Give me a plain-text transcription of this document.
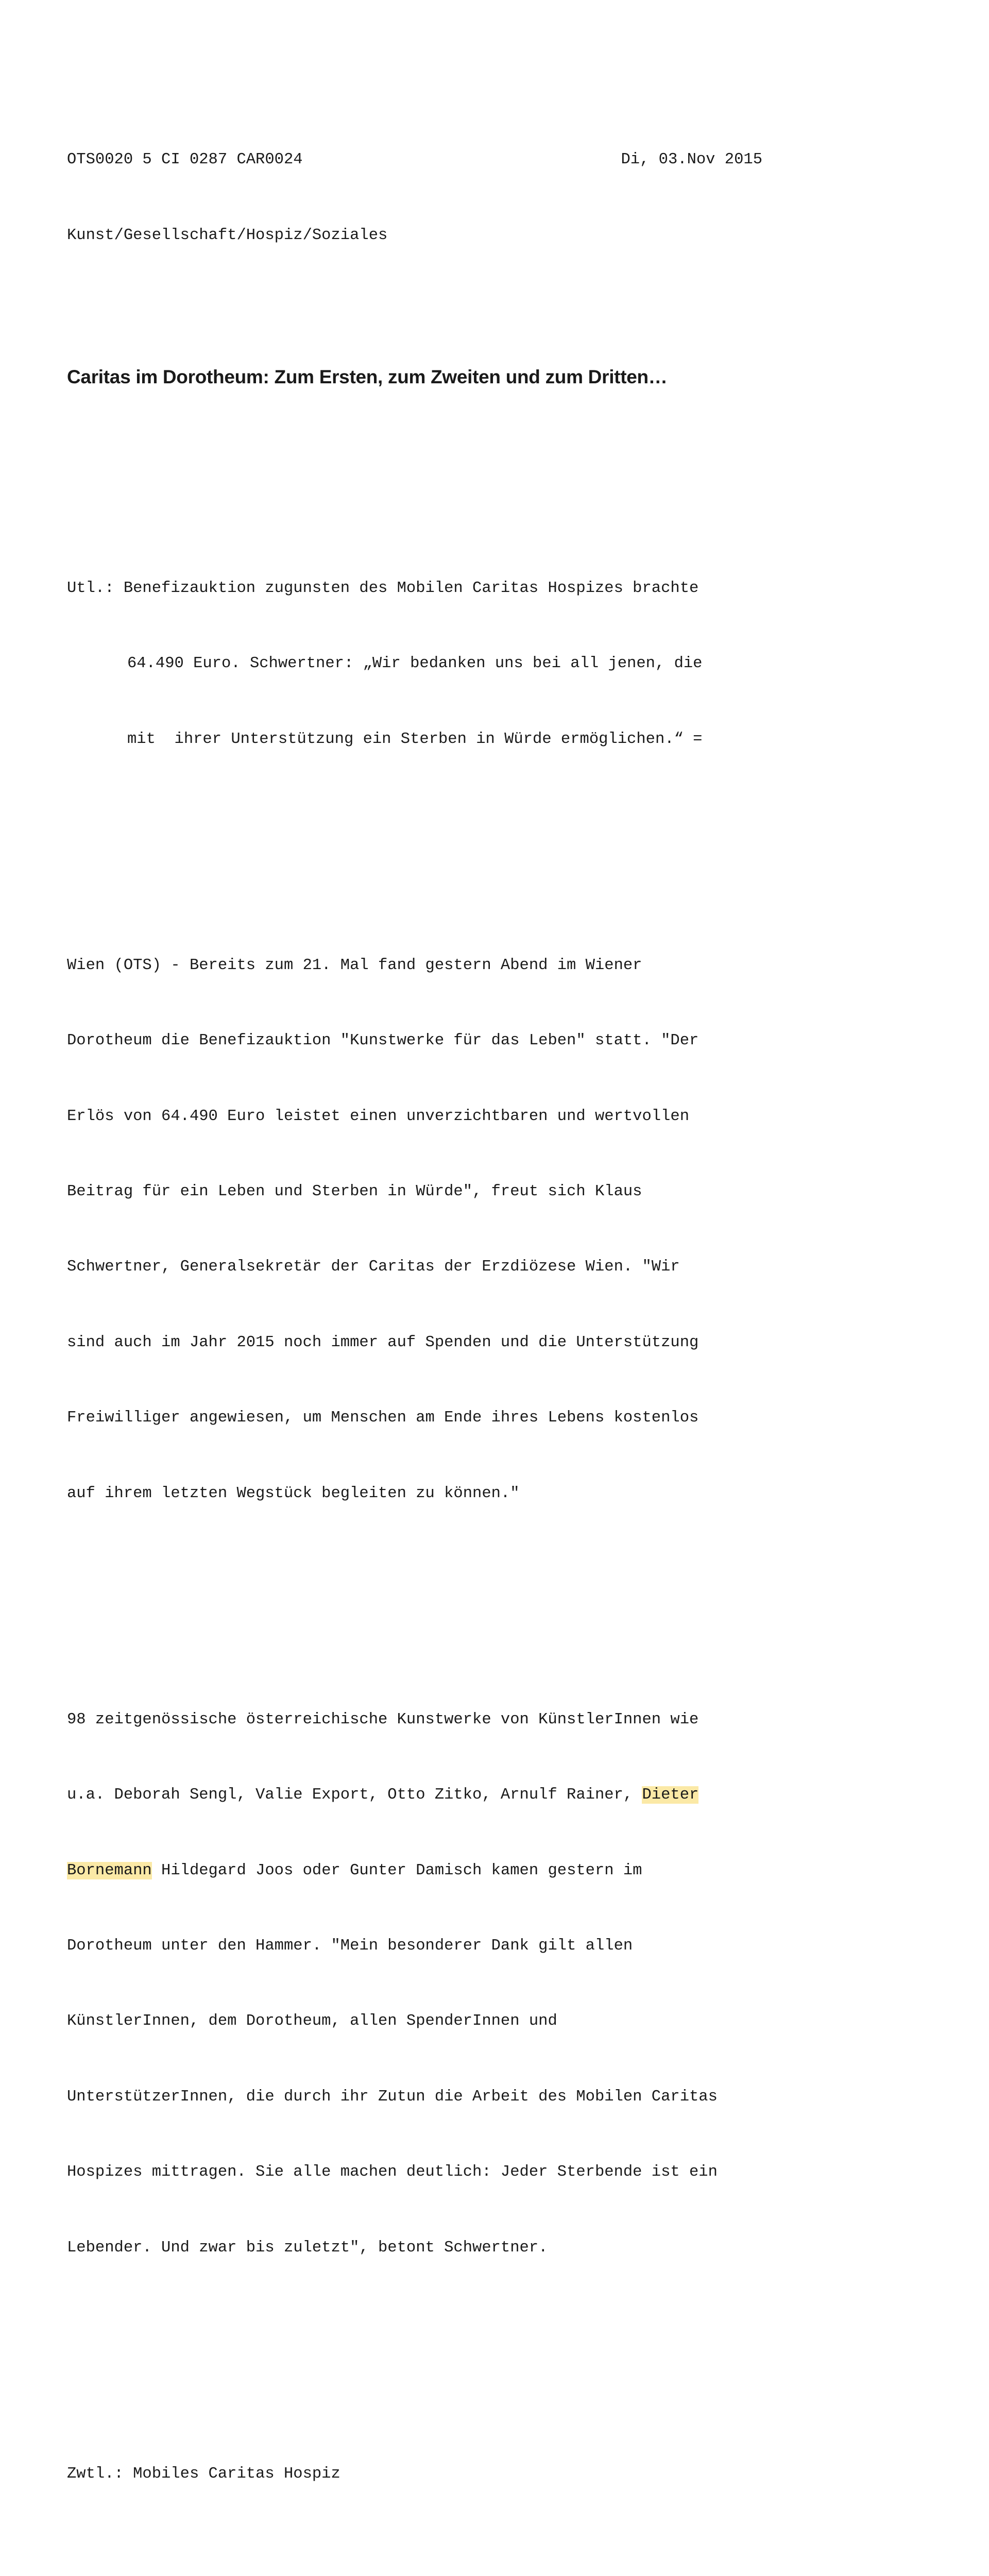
OTS0020 5 CI 0287 CAR0024	Di, 03.Nov 2015

Kunst/Gesellschaft/Hospiz/Soziales

Caritas im Dorotheum: Zum Ersten, zum Zweiten und zum Dritten…

Utl.: Benefizauktion zugunsten des Mobilen Caritas Hospizes brachte

64.490 Euro. Schwertner: „Wir bedanken uns bei all jenen, die

mit  ihrer Unterstützung ein Sterben in Würde ermöglichen.“ =

Wien (OTS) - Bereits zum 21. Mal fand gestern Abend im Wiener

Dorotheum die Benefizauktion "Kunstwerke für das Leben" statt. "Der

Erlös von 64.490 Euro leistet einen unverzichtbaren und wertvollen

Beitrag für ein Leben und Sterben in Würde", freut sich Klaus

Schwertner, Generalsekretär der Caritas der Erzdiözese Wien. "Wir

sind auch im Jahr 2015 noch immer auf Spenden und die Unterstützung

Freiwilliger angewiesen, um Menschen am Ende ihres Lebens kostenlos

auf ihrem letzten Wegstück begleiten zu können."

98 zeitgenössische österreichische Kunstwerke von KünstlerInnen wie

u.a. Deborah Sengl, Valie Export, Otto Zitko, Arnulf Rainer, Dieter

Bornemann Hildegard Joos oder Gunter Damisch kamen gestern im

Dorotheum unter den Hammer. "Mein besonderer Dank gilt allen

KünstlerInnen, dem Dorotheum, allen SpenderInnen und

UnterstützerInnen, die durch ihr Zutun die Arbeit des Mobilen Caritas

Hospizes mittragen. Sie alle machen deutlich: Jeder Sterbende ist ein

Lebender. Und zwar bis zuletzt", betont Schwertner.

Zwtl.: Mobiles Caritas Hospiz
